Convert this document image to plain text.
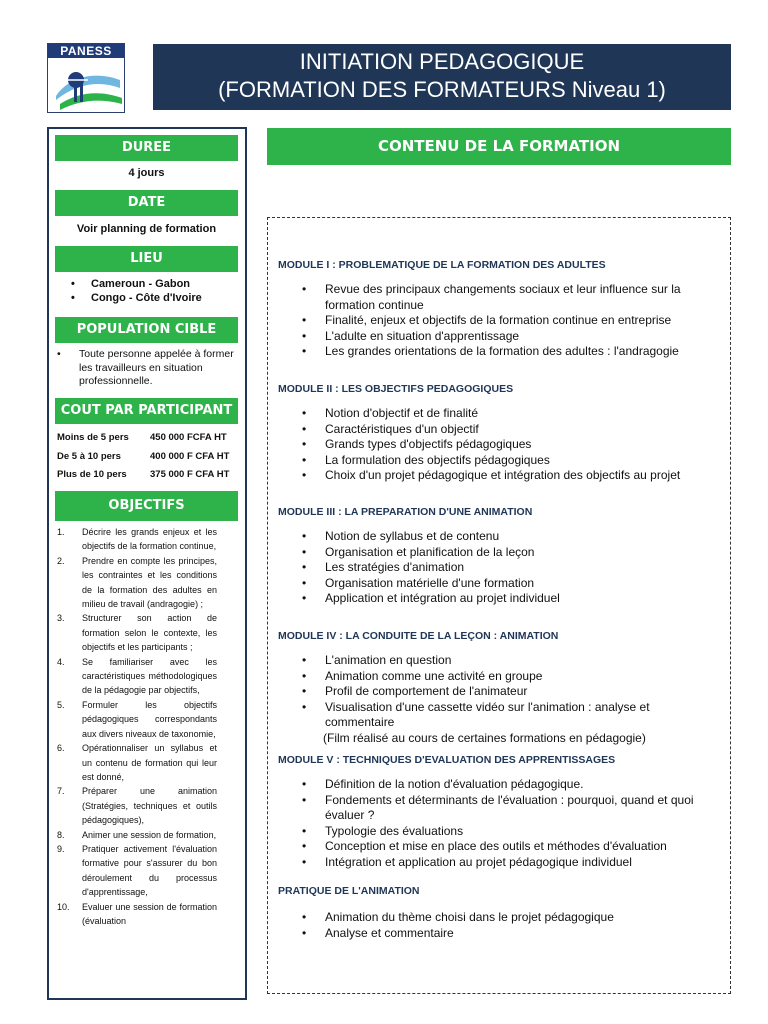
PANESS	INITIATION PEDAGOGIQUE
(FORMATION DES FORMATEURS Niveau 1)
DUREE
4 jours
DATE
Voir planning de formation
LIEU
• Cameroun - Gabon
• Congo - Côte d'Ivoire
POPULATION CIBLE
•	Toute personne appelée à former les travailleurs en situation professionnelle.
COUT PAR PARTICIPANT
Moins de 5 pers 450 000 FCFA HT
De 5 à 10 pers	400 000 F CFA HT
Plus de 10 pers 375 000 F CFA HT
OBJECTIFS
1.	Décrire les grands enjeux et les objectifs de la formation continue,
2.	Prendre en compte les principes, les contraintes et les conditions de la formation des adultes en milieu de travail (andragogie) ;
3.	Structurer son action de formation selon le contexte, les objectifs et les participants ;
4.	Se familiariser avec les caractéristiques méthodologiques de la pédagogie par objectifs,
5.	Formuler les objectifs pédagogiques correspondants aux divers niveaux de taxonomie,
6.	Opérationnaliser un syllabus et un contenu de formation qui leur est donné,
7.	Préparer une animation (Stratégies, techniques et outils pédagogiques),
8.	Animer une session de formation,
9.	Pratiquer activement l'évaluation formative pour s'assurer du bon déroulement du processus d'apprentissage,
10.	Evaluer une session de formation (évaluation
CONTENU DE LA FORMATION
MODULE I : PROBLEMATIQUE DE LA FORMATION DES ADULTES
• Revue des principaux changements sociaux et leur influence sur la formation continue
• Finalité, enjeux et objectifs de la formation continue en entreprise
• L'adulte en situation d'apprentissage
• Les grandes orientations de la formation des adultes : l'andragogie
MODULE II : LES OBJECTIFS PEDAGOGIQUES
• Notion d'objectif et de finalité
• Caractéristiques d'un objectif
• Grands types d'objectifs pédagogiques
• La formulation des objectifs pédagogiques
• Choix d'un projet pédagogique et intégration des objectifs au projet
MODULE III : LA PREPARATION D'UNE ANIMATION
• Notion de syllabus et de contenu
• Organisation et planification de la leçon
• Les stratégies d'animation
• Organisation matérielle d'une formation
• Application et intégration au projet individuel
MODULE IV : LA CONDUITE DE LA LEÇON : ANIMATION
• L'animation en question
• Animation comme une activité en groupe
• Profil de comportement de l'animateur
• Visualisation d'une cassette vidéo sur l'animation : analyse et commentaire
(Film réalisé au cours de certaines formations en pédagogie)
MODULE V : TECHNIQUES D'EVALUATION DES APPRENTISSAGES
• Définition de la notion d'évaluation pédagogique.
• Fondements et déterminants de l'évaluation : pourquoi, quand et quoi évaluer ?
• Typologie des évaluations
• Conception et mise en place des outils et méthodes d'évaluation
• Intégration et application au projet pédagogique individuel
PRATIQUE DE L'ANIMATION
• Animation du thème choisi dans le projet pédagogique
• Analyse et commentaire
